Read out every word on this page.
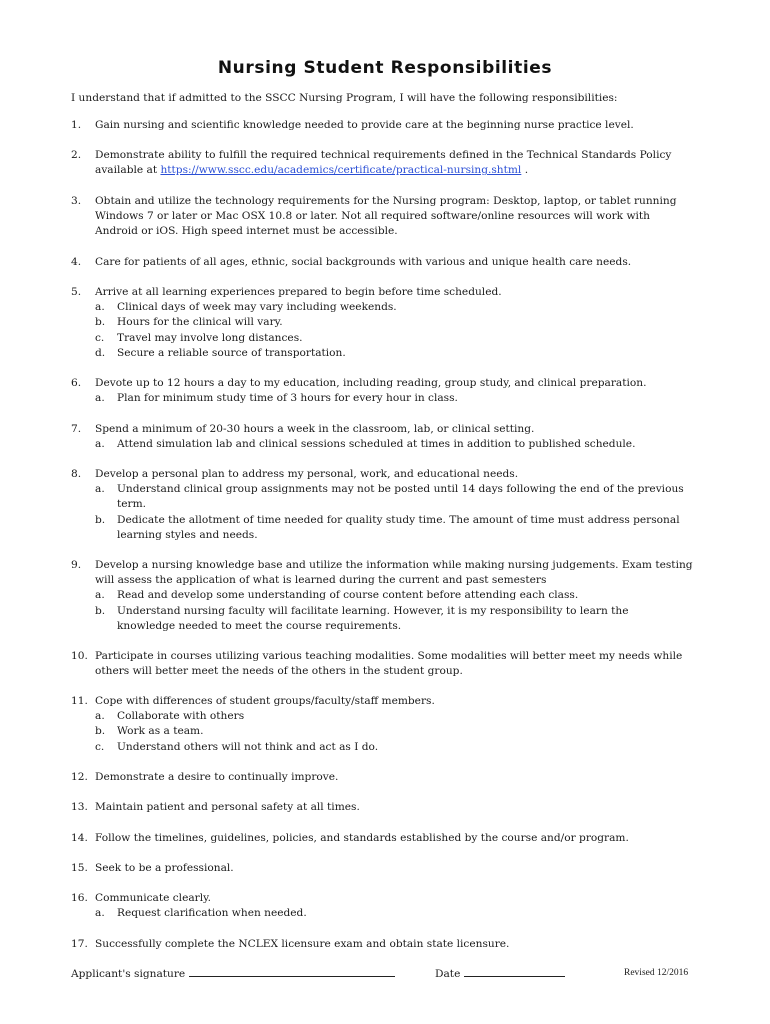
Nursing Student Responsibilities
I understand that if admitted to the SSCC Nursing Program, I will have the following responsibilities:
1.	Gain nursing and scientific knowledge needed to provide care at the beginning nurse practice level.
2.	Demonstrate ability to fulfill the required technical requirements defined in the Technical Standards Policy
available at https://www.sscc.edu/academics/certificate/practical-nursing.shtml .
3.	Obtain and utilize the technology requirements for the Nursing program: Desktop, laptop, or tablet running
Windows 7 or later or Mac OSX 10.8 or later. Not all required software/online resources will work with
Android or iOS. High speed internet must be accessible.
4.	Care for patients of all ages, ethnic, social backgrounds with various and unique health care needs.
5.	Arrive at all learning experiences prepared to begin before time scheduled.
a. Clinical days of week may vary including weekends.
b. Hours for the clinical will vary.
c. Travel may involve long distances.
d. Secure a reliable source of transportation.
6.	Devote up to 12 hours a day to my education, including reading, group study, and clinical preparation.
a. Plan for minimum study time of 3 hours for every hour in class.
7.	Spend a minimum of 20-30 hours a week in the classroom, lab, or clinical setting.
a. Attend simulation lab and clinical sessions scheduled at times in addition to published schedule.
8.	Develop a personal plan to address my personal, work, and educational needs.
a. Understand clinical group assignments may not be posted until 14 days following the end of the previous term.
b. Dedicate the allotment of time needed for quality study time. The amount of time must address personal learning styles and needs.
9.	Develop a nursing knowledge base and utilize the information while making nursing judgements. Exam testing
will assess the application of what is learned during the current and past semesters
a. Read and develop some understanding of course content before attending each class.
b. Understand nursing faculty will facilitate learning. However, it is my responsibility to learn the knowledge needed to meet the course requirements.
10. Participate in courses utilizing various teaching modalities. Some modalities will better meet my needs while
others will better meet the needs of the others in the student group.
11. Cope with differences of student groups/faculty/staff members.
a. Collaborate with others
b. Work as a team.
c. Understand others will not think and act as I do.
12. Demonstrate a desire to continually improve.
13. Maintain patient and personal safety at all times.
14. Follow the timelines, guidelines, policies, and standards established by the course and/or program.
15. Seek to be a professional.
16. Communicate clearly.
a. Request clarification when needed.
17. Successfully complete the NCLEX licensure exam and obtain state licensure.
Applicant's signature	Date	Revised 12/2016
